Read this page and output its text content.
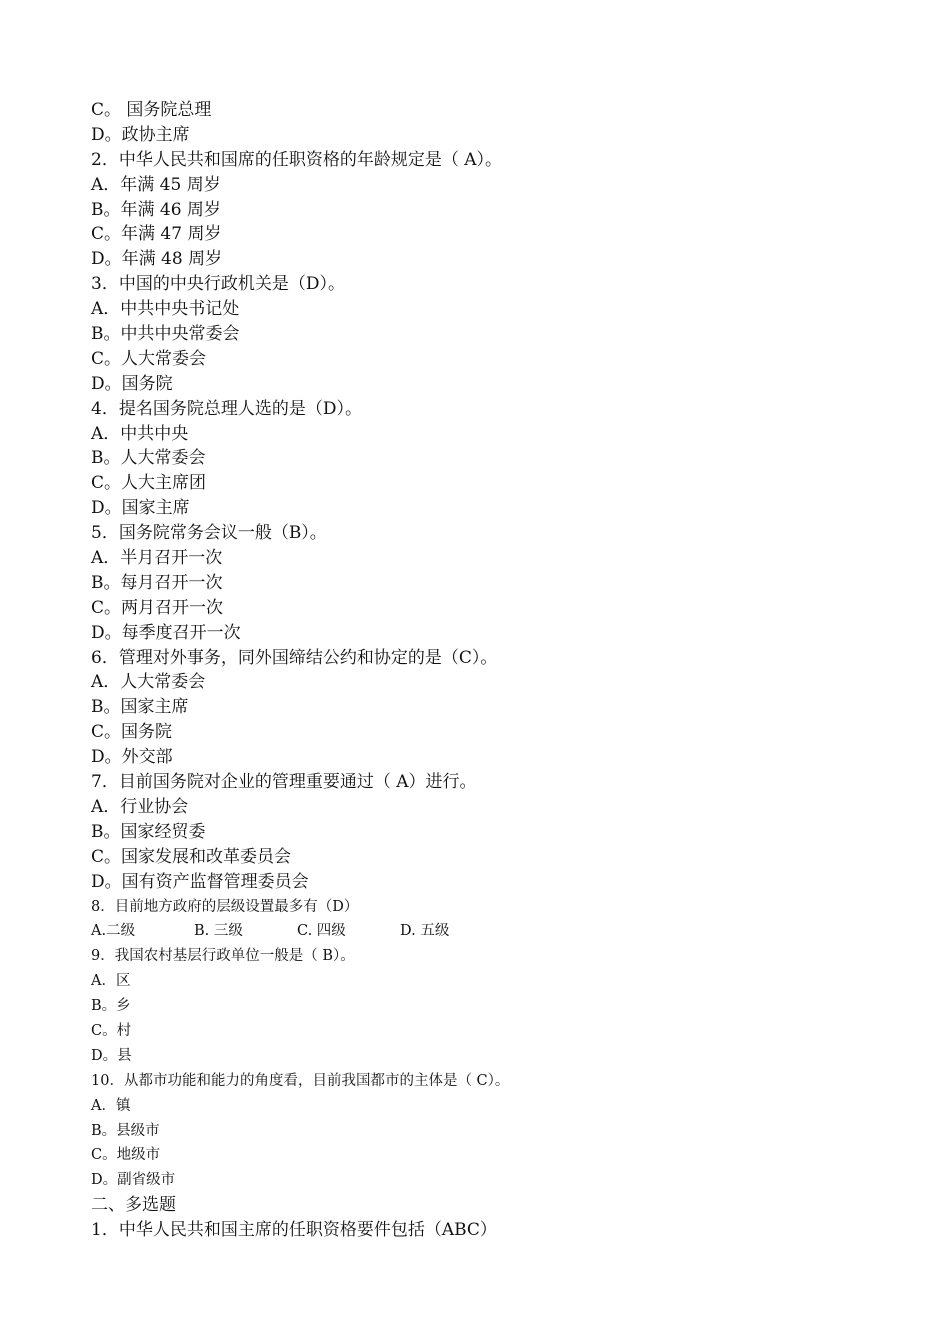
C。 国务院总理
D。政协主席
2．中华人民共和国席的任职资格的年龄规定是（ A）。
A．年满 45 周岁
B。年满 46 周岁
C。年满 47 周岁
D。年满 48 周岁
3．中国的中央行政机关是（D）。
A．中共中央书记处
B。中共中央常委会
C。人大常委会
D。国务院
4．提名国务院总理人选的是（D）。
A．中共中央
B。人大常委会
C。人大主席团
D。国家主席
5．国务院常务会议一般（B）。
A．半月召开一次
B。每月召开一次
C。两月召开一次
D。每季度召开一次
6．管理对外事务，同外国缔结公约和协定的是（C）。
A．人大常委会
B。国家主席
C。国务院
D。外交部
7．目前国务院对企业的管理重要通过（ A）进行。
A．行业协会
B。国家经贸委
C。国家发展和改革委员会
D。国有资产监督管理委员会
8．目前地方政府的层级设置最多有（D）
A.二级	B. 三级	C. 四级	D. 五级
9．我国农村基层行政单位一般是（ B）。
A．区
B。乡
C。村
D。县
10．从都市功能和能力的角度看，目前我国都市的主体是（ C）。
A．镇
B。县级市
C。地级市
D。副省级市
二、多选题
1．中华人民共和国主席的任职资格要件包括（ABC）
